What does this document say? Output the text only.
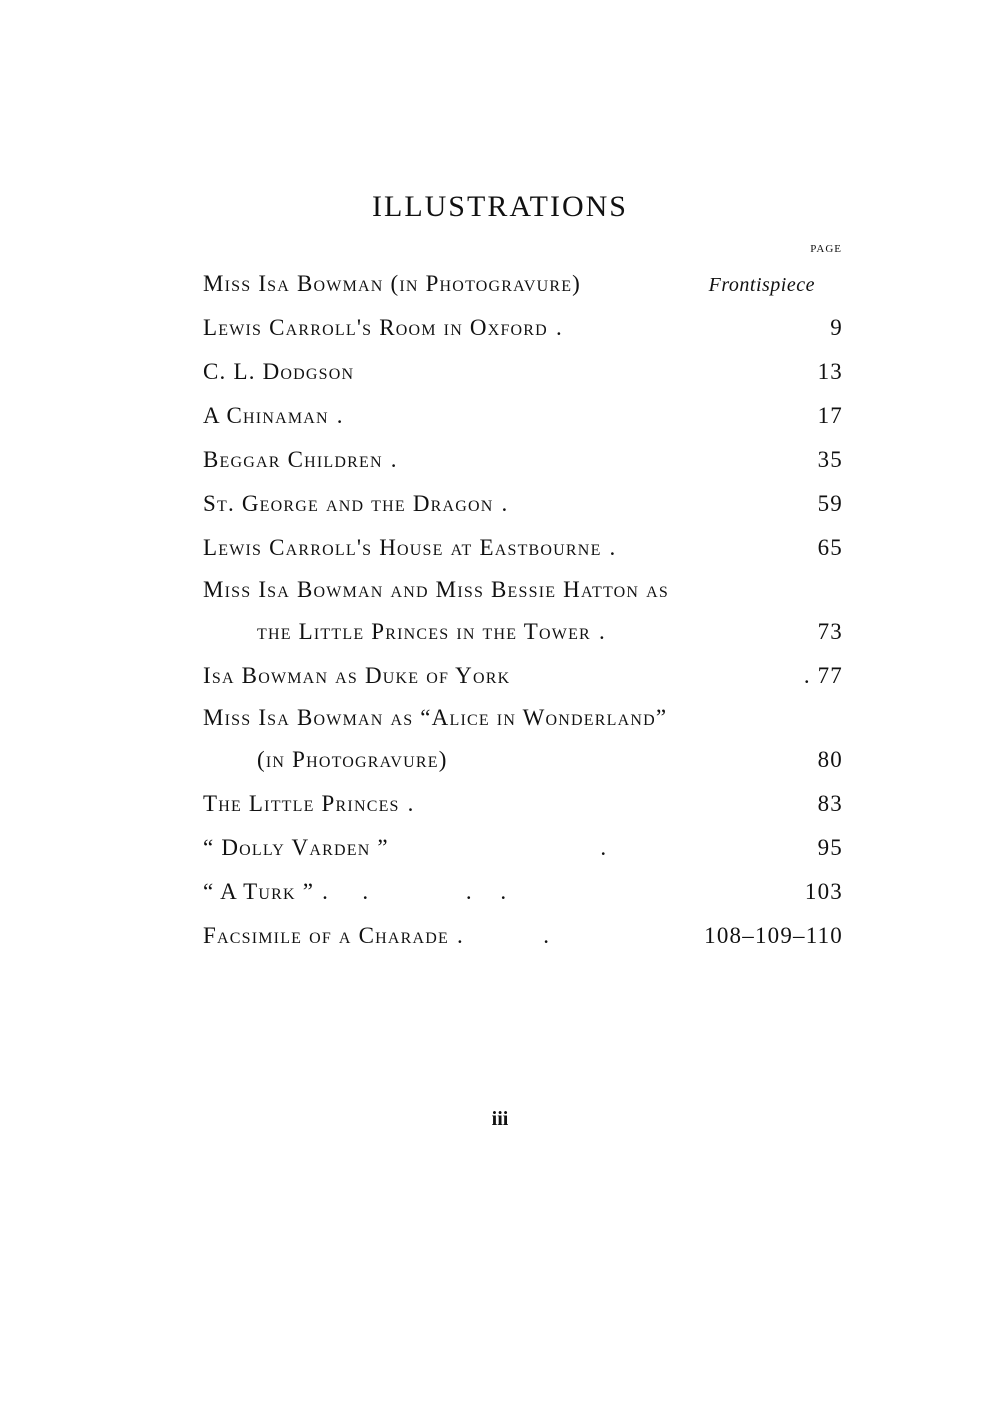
ILLUSTRATIONS
PAGE
Miss Isa Bowman (in Photogravure)	Frontispiece
Lewis Carroll's Room in Oxford .	9
C. L. Dodgson	13
A Chinaman .	17
Beggar Children .	35
St. George and the Dragon .	59
Lewis Carroll's House at Eastbourne .	65
Miss Isa Bowman and Miss Bessie Hatton as
the Little Princes in the Tower .	73
Isa Bowman as Duke of York	. 77
Miss Isa Bowman as “Alice in Wonderland”
(in Photogravure)	80
The Little Princes .	83
“ Dolly Varden ”	.	95
“ A Turk ” .      .                 .     .	103
Facsimile of a Charade .              .	108–109–110
iii
